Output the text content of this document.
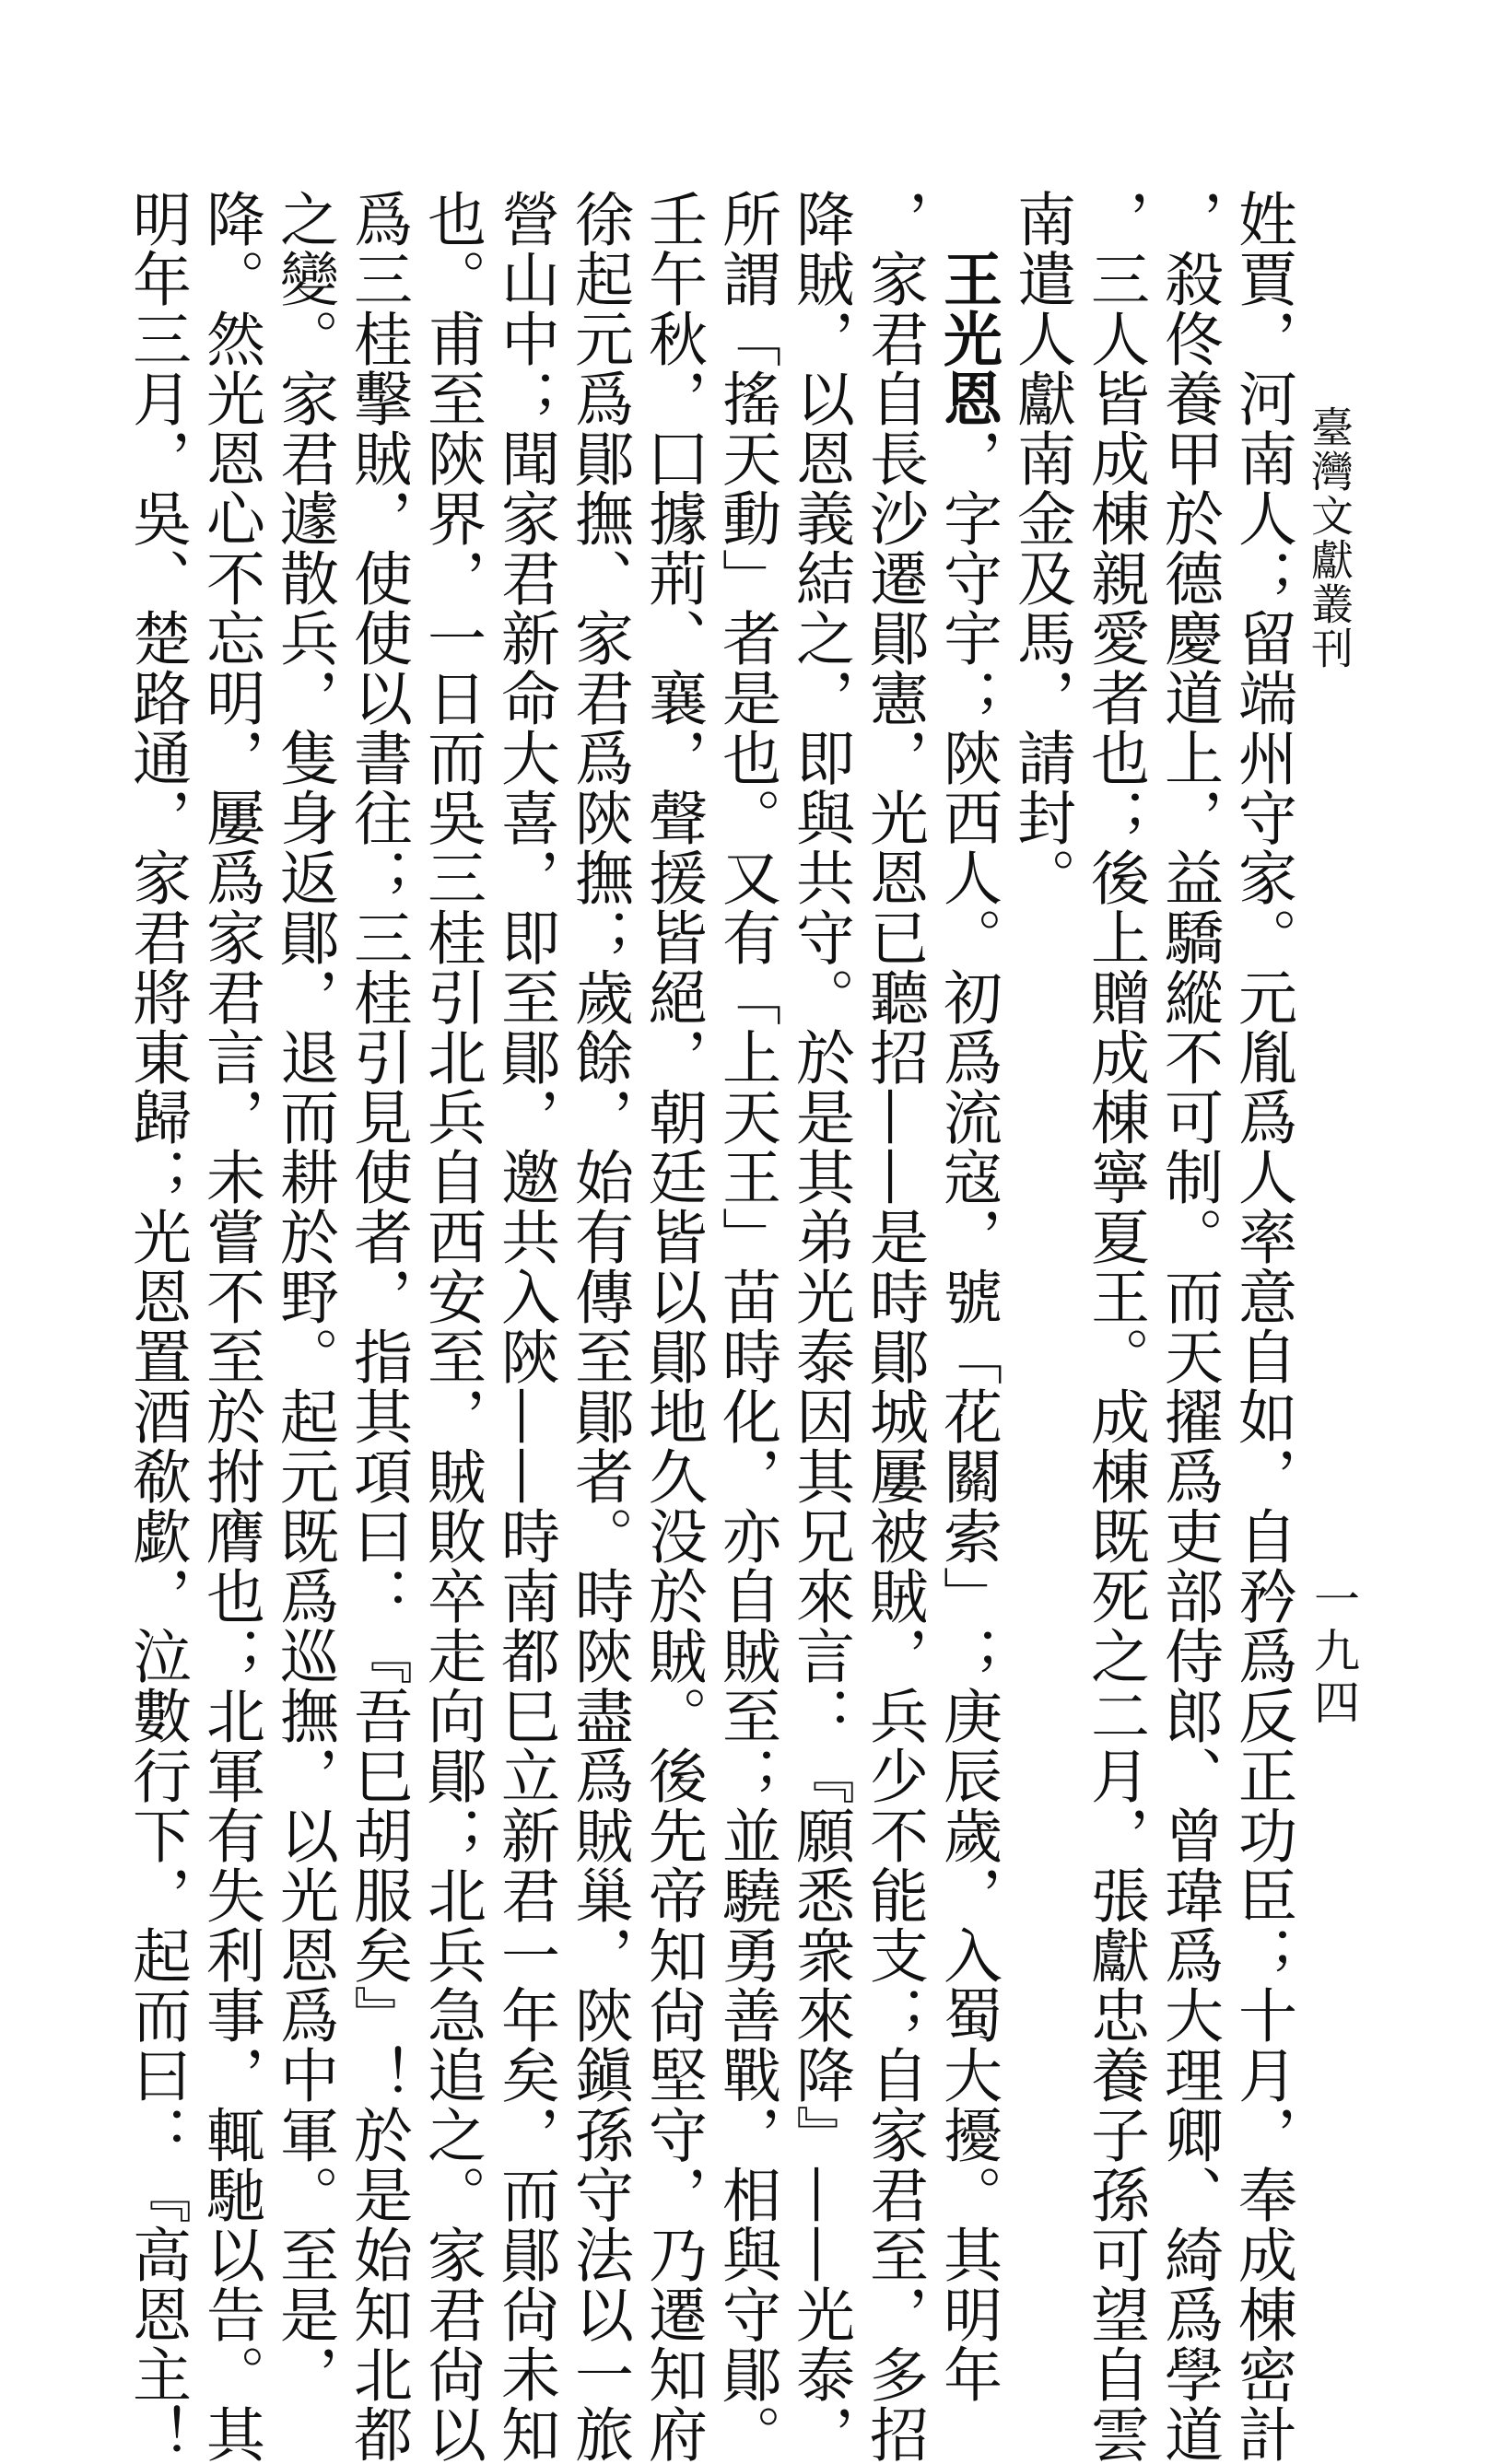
臺灣文獻叢刊
一九四
姓賈，河南人；留端州守家。元胤爲人率意自如，自矜爲反正功臣；十月，奉成棟密計
，殺佟養甲於德慶道上，益驕縱不可制。而天擢爲吏部侍郎、曾瑋爲大理卿、綺爲學道
，三人皆成棟親愛者也；後上贈成棟寧夏王。成棟既死之二月，張獻忠養子孫可望自雲
南遣人獻南金及馬，請封。
　王光恩，字守宇；陝西人。初爲流寇，號「花關索」；庚辰歲，入蜀大擾。其明年
，家君自長沙遷鄖憲，光恩已聽招——是時鄖城屢被賊，兵少不能支；自家君至，多招
降賊，以恩義結之，即與共守。於是其弟光泰因其兄來言：『願悉衆來降』——光泰，
所謂「搖天動」者是也。又有「上天王」苗時化，亦自賊至；並驍勇善戰，相與守鄖。
壬午秋，囗據荊、襄，聲援皆絕，朝廷皆以鄖地久没於賊。後先帝知尙堅守，乃遷知府
徐起元爲鄖撫、家君爲陝撫；歲餘，始有傳至鄖者。時陝盡爲賊巢，陝鎭孫守法以一旅
營山中；聞家君新命大喜，即至鄖，邀共入陝——時南都巳立新君一年矣，而鄖尙未知
也。甫至陝界，一日而吳三桂引北兵自西安至，賊敗卒走向鄖；北兵急追之。家君尙以
爲三桂擊賊，使使以書往；三桂引見使者，指其項曰：『吾巳胡服矣』！於是始知北都
之變。家君遽散兵，隻身返鄖，退而耕於野。起元既爲巡撫，以光恩爲中軍。至是，
降。然光恩心不忘明，屢爲家君言，未嘗不至於拊膺也；北軍有失利事，輒馳以告。其
明年三月，吳、楚路通，家君將東歸；光恩置酒欷歔，泣數行下，起而曰：『高恩主！
